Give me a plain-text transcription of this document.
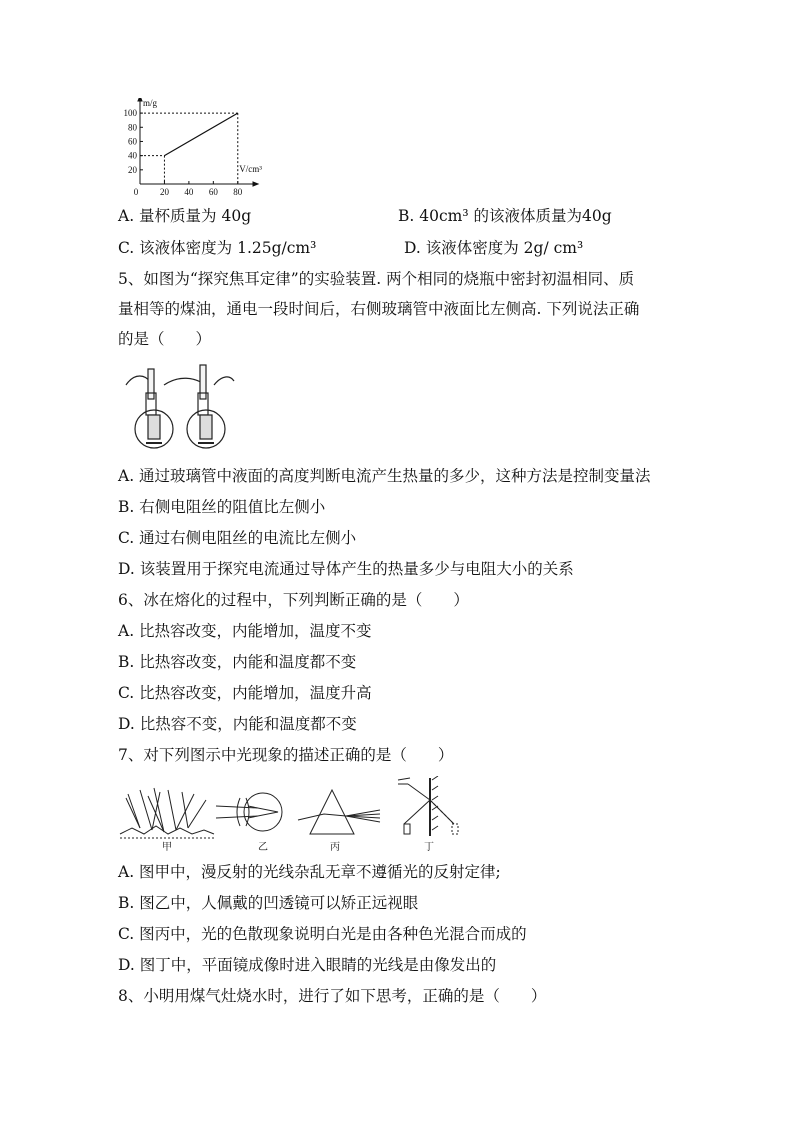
0 20 40 60 80
20
40
60
80
100
m/g
V/cm³
A. 量杯质量为 40g	B. 40cm³ 的该液体质量为40g
C. 该液体密度为 1.25g/cm³	D. 该液体密度为 2g/ cm³
5、如图为“探究焦耳定律”的实验装置. 两个相同的烧瓶中密封初温相同、质
量相等的煤油，通电一段时间后，右侧玻璃管中液面比左侧高. 下列说法正确
的是（　　）
A. 通过玻璃管中液面的高度判断电流产生热量的多少，这种方法是控制变量法
B. 右侧电阻丝的阻值比左侧小
C. 通过右侧电阻丝的电流比左侧小
D. 该装置用于探究电流通过导体产生的热量多少与电阻大小的关系
6、冰在熔化的过程中，下列判断正确的是（　　）
A. 比热容改变，内能增加，温度不变
B. 比热容改变，内能和温度都不变
C. 比热容改变，内能增加，温度升高
D. 比热容不变，内能和温度都不变
7、对下列图示中光现象的描述正确的是（　　）
甲	乙	丙	丁
A. 图甲中，漫反射的光线杂乱无章不遵循光的反射定律;
B. 图乙中，人佩戴的凹透镜可以矫正远视眼
C. 图丙中，光的色散现象说明白光是由各种色光混合而成的
D. 图丁中，平面镜成像时进入眼睛的光线是由像发出的
8、小明用煤气灶烧水时，进行了如下思考，正确的是（　　）
